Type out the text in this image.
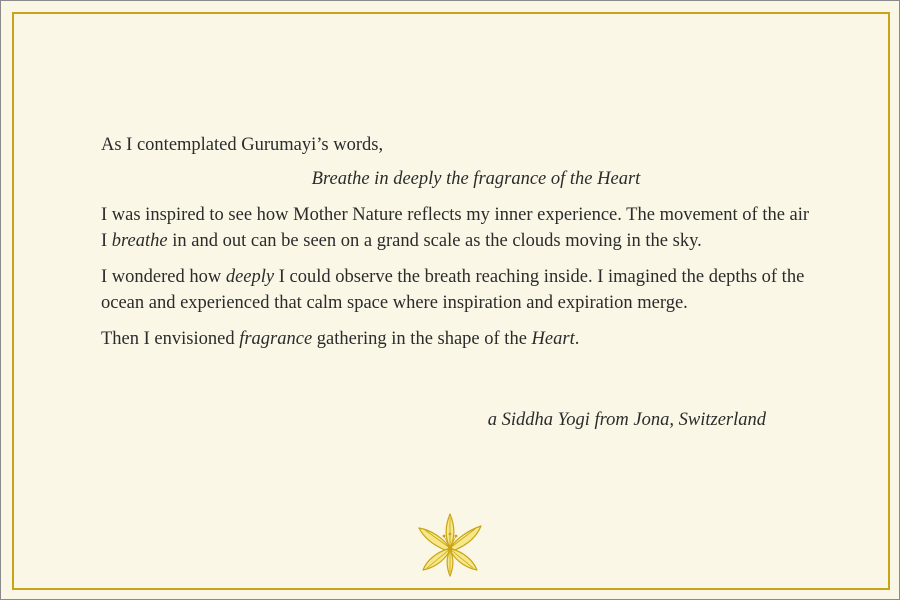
As I contemplated Gurumayi’s words,

Breathe in deeply the fragrance of the Heart

I was inspired to see how Mother Nature reflects my inner experience. The movement of the air I breathe in and out can be seen on a grand scale as the clouds moving in the sky.

I wondered how deeply I could observe the breath reaching inside. I imagined the depths of the ocean and experienced that calm space where inspiration and expiration merge.

Then I envisioned fragrance gathering in the shape of the Heart.

a Siddha Yogi from Jona, Switzerland
